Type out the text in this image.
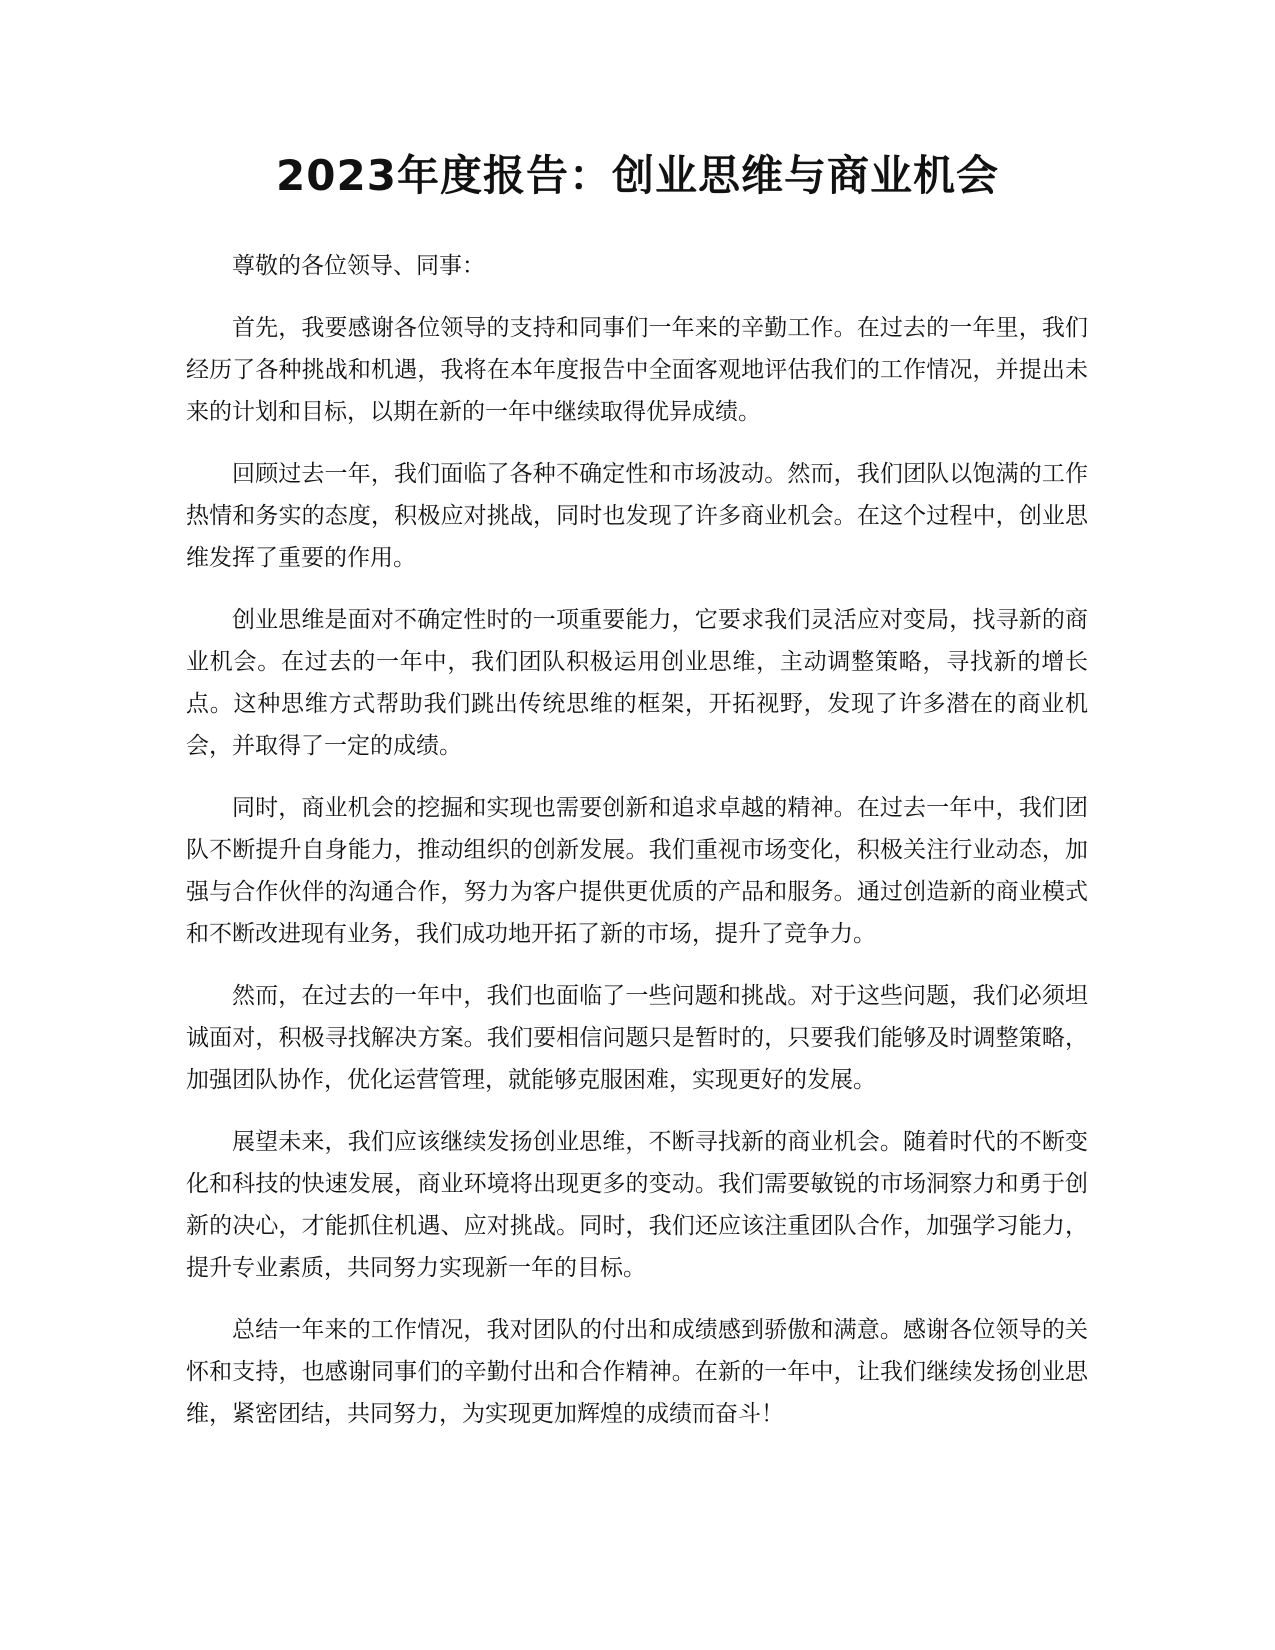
2023年度报告：创业思维与商业机会

尊敬的各位领导、同事：

首先，我要感谢各位领导的支持和同事们一年来的辛勤工作。在过去的一年里，我们经历了各种挑战和机遇，我将在本年度报告中全面客观地评估我们的工作情况，并提出未来的计划和目标，以期在新的一年中继续取得优异成绩。

回顾过去一年，我们面临了各种不确定性和市场波动。然而，我们团队以饱满的工作热情和务实的态度，积极应对挑战，同时也发现了许多商业机会。在这个过程中，创业思维发挥了重要的作用。

创业思维是面对不确定性时的一项重要能力，它要求我们灵活应对变局，找寻新的商业机会。在过去的一年中，我们团队积极运用创业思维，主动调整策略，寻找新的增长点。这种思维方式帮助我们跳出传统思维的框架，开拓视野，发现了许多潜在的商业机会，并取得了一定的成绩。

同时，商业机会的挖掘和实现也需要创新和追求卓越的精神。在过去一年中，我们团队不断提升自身能力，推动组织的创新发展。我们重视市场变化，积极关注行业动态，加强与合作伙伴的沟通合作，努力为客户提供更优质的产品和服务。通过创造新的商业模式和不断改进现有业务，我们成功地开拓了新的市场，提升了竞争力。

然而，在过去的一年中，我们也面临了一些问题和挑战。对于这些问题，我们必须坦诚面对，积极寻找解决方案。我们要相信问题只是暂时的，只要我们能够及时调整策略，加强团队协作，优化运营管理，就能够克服困难，实现更好的发展。

展望未来，我们应该继续发扬创业思维，不断寻找新的商业机会。随着时代的不断变化和科技的快速发展，商业环境将出现更多的变动。我们需要敏锐的市场洞察力和勇于创新的决心，才能抓住机遇、应对挑战。同时，我们还应该注重团队合作，加强学习能力，提升专业素质，共同努力实现新一年的目标。

总结一年来的工作情况，我对团队的付出和成绩感到骄傲和满意。感谢各位领导的关怀和支持，也感谢同事们的辛勤付出和合作精神。在新的一年中，让我们继续发扬创业思维，紧密团结，共同努力，为实现更加辉煌的成绩而奋斗！
